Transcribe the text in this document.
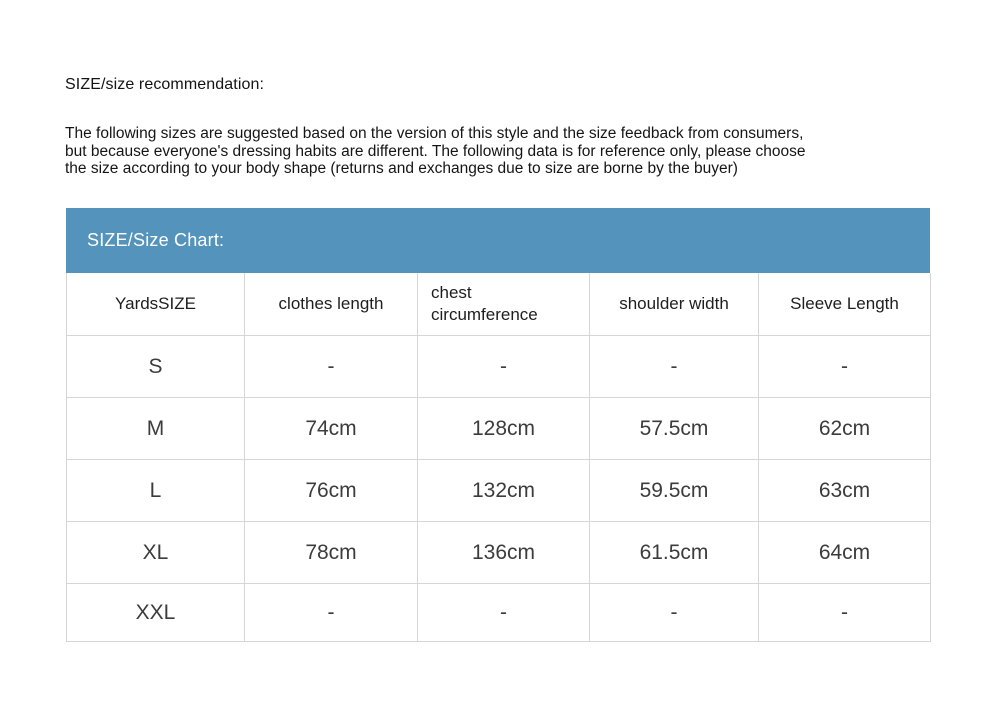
SIZE/size recommendation:
The following sizes are suggested based on the version of this style and the size feedback from consumers,
but because everyone's dressing habits are different. The following data is for reference only, please choose
the size according to your body shape (returns and exchanges due to size are borne by the buyer)
SIZE/Size Chart:
YardsSIZE	clothes length	chest circumference	shoulder width	Sleeve Length
S	-	-	-	-
M	74cm	128cm	57.5cm	62cm
L	76cm	132cm	59.5cm	63cm
XL	78cm	136cm	61.5cm	64cm
XXL	-	-	-	-
